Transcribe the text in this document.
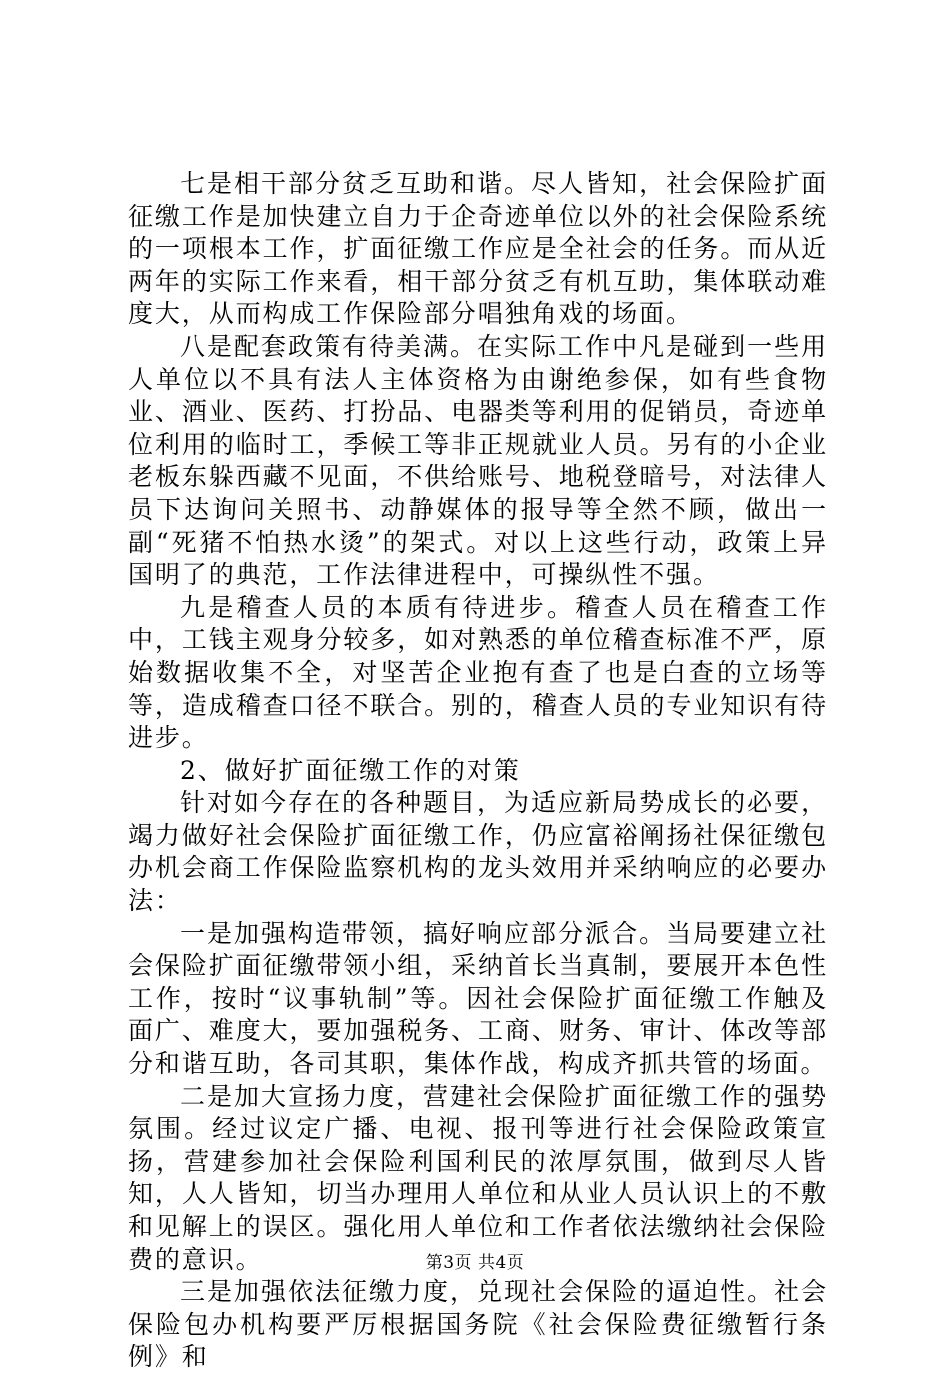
七是相干部分贫乏互助和谐。尽人皆知，社会保险扩面征缴工作是加快建立自力于企奇迹单位以外的社会保险系统的一项根本工作，扩面征缴工作应是全社会的任务。而从近两年的实际工作来看，相干部分贫乏有机互助，集体联动难度大，从而构成工作保险部分唱独角戏的场面。

八是配套政策有待美满。在实际工作中凡是碰到一些用人单位以不具有法人主体资格为由谢绝参保，如有些食物业、酒业、医药、打扮品、电器类等利用的促销员，奇迹单位利用的临时工，季候工等非正规就业人员。另有的小企业老板东躲西藏不见面，不供给账号、地税登暗号，对法律人员下达询问关照书、动静媒体的报导等全然不顾，做出一副“死猪不怕热水烫”的架式。对以上这些行动，政策上异国明了的典范，工作法律进程中，可操纵性不强。

九是稽查人员的本质有待进步。稽查人员在稽查工作中，工钱主观身分较多，如对熟悉的单位稽查标准不严，原始数据收集不全，对坚苦企业抱有查了也是白查的立场等等，造成稽查口径不联合。别的，稽查人员的专业知识有待进步。

2、做好扩面征缴工作的对策

针对如今存在的各种题目，为适应新局势成长的必要，竭力做好社会保险扩面征缴工作，仍应富裕阐扬社保征缴包办机会商工作保险监察机构的龙头效用并采纳响应的必要办法：

一是加强构造带领，搞好响应部分派合。当局要建立社会保险扩面征缴带领小组，采纳首长当真制，要展开本色性工作，按时“议事轨制”等。因社会保险扩面征缴工作触及面广、难度大，要加强税务、工商、财务、审计、体改等部分和谐互助，各司其职，集体作战，构成齐抓共管的场面。

二是加大宣扬力度，营建社会保险扩面征缴工作的强势氛围。经过议定广播、电视、报刊等进行社会保险政策宣扬，营建参加社会保险利国利民的浓厚氛围，做到尽人皆知，人人皆知，切当办理用人单位和从业人员认识上的不敷和见解上的误区。强化用人单位和工作者依法缴纳社会保险费的意识。

三是加强依法征缴力度，兑现社会保险的逼迫性。社会保险包办机构要严厉根据国务院《社会保险费征缴暂行条例》和

第3页 共4页
